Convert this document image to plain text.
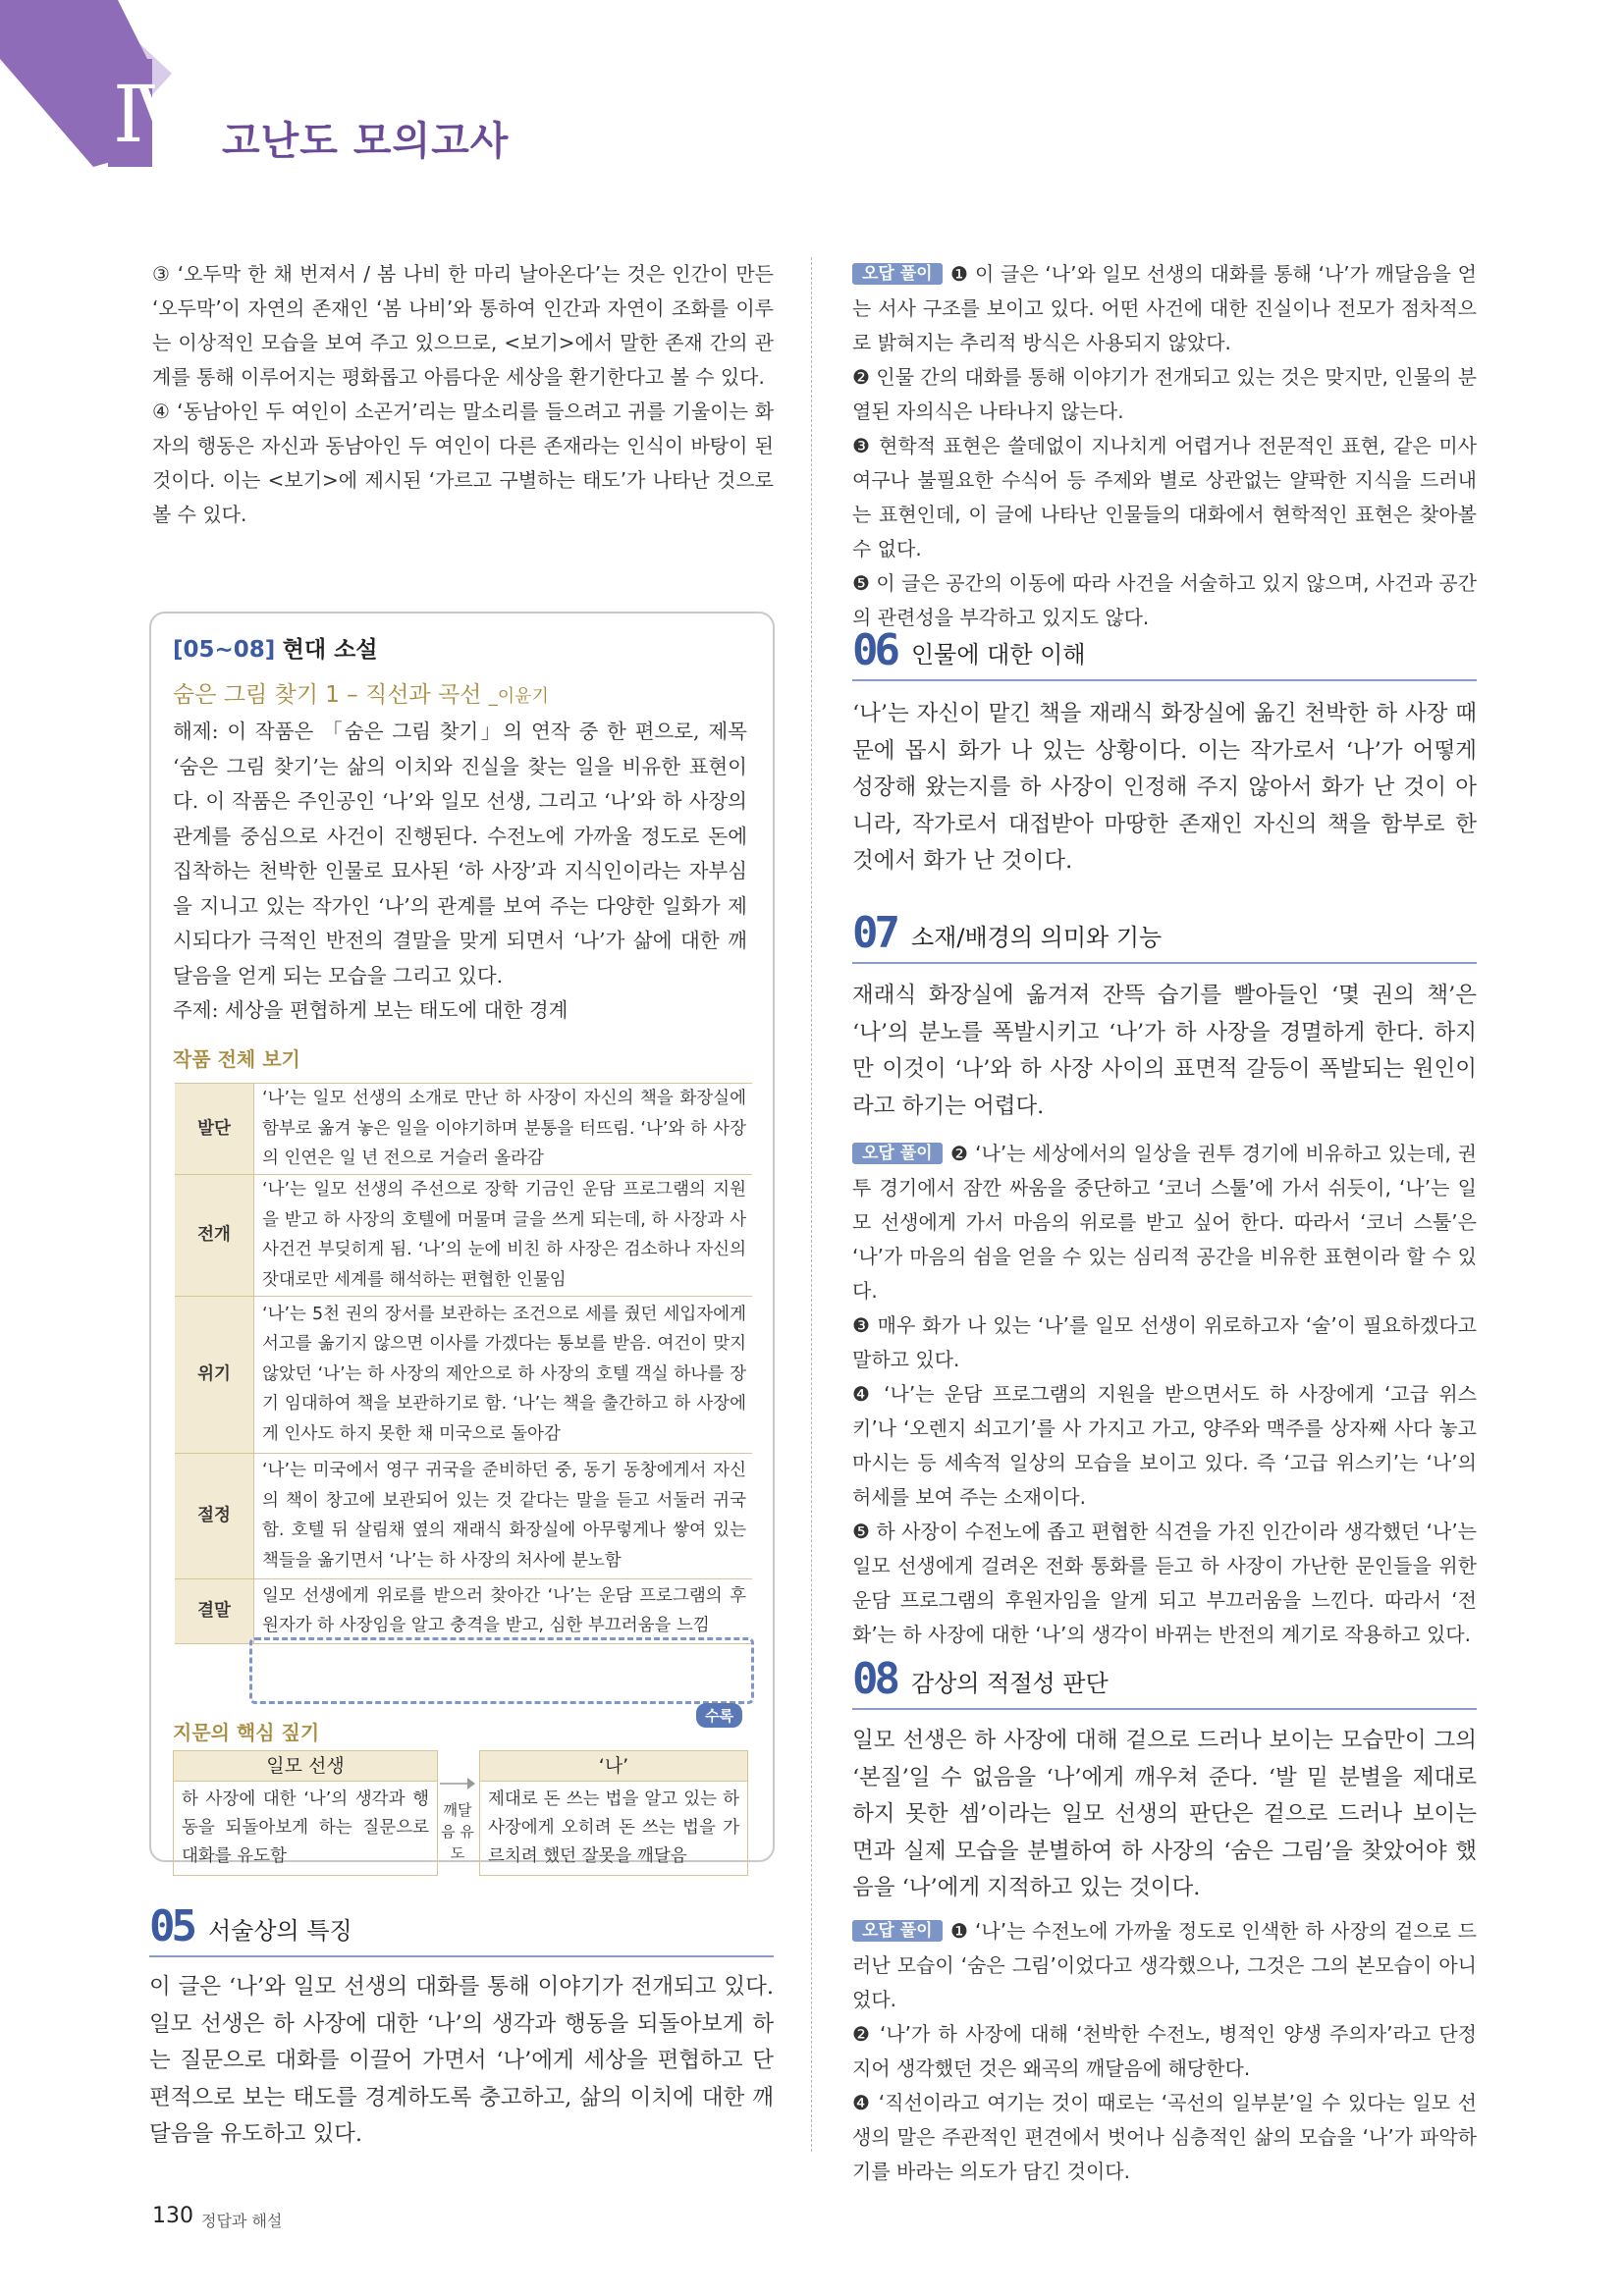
Ⅳ 고난도 모의고사
③ ‘오두막 한 채 번져서 / 봄 나비 한 마리 날아온다’는 것은 인간이 만든 ‘오두막’이 자연의 존재인 ‘봄 나비’와 통하여 인간과 자연이 조화를 이루는 이상적인 모습을 보여 주고 있으므로, <보기>에서 말한 존재 간의 관계를 통해 이루어지는 평화롭고 아름다운 세상을 환기한다고 볼 수 있다.
④ ‘동남아인 두 여인이 소곤거’리는 말소리를 들으려고 귀를 기울이는 화자의 행동은 자신과 동남아인 두 여인이 다른 존재라는 인식이 바탕이 된 것이다. 이는 <보기>에 제시된 ‘가르고 구별하는 태도’가 나타난 것으로 볼 수 있다.
[05~08] 현대 소설
숨은 그림 찾기 1 – 직선과 곡선 _이윤기
해제: 이 작품은 「숨은 그림 찾기」의 연작 중 한 편으로, 제목 ‘숨은 그림 찾기’는 삶의 이치와 진실을 찾는 일을 비유한 표현이다. 이 작품은 주인공인 ‘나’와 일모 선생, 그리고 ‘나’와 하 사장의 관계를 중심으로 사건이 진행된다. 수전노에 가까울 정도로 돈에 집착하는 천박한 인물로 묘사된 ‘하 사장’과 지식인이라는 자부심을 지니고 있는 작가인 ‘나’의 관계를 보여 주는 다양한 일화가 제시되다가 극적인 반전의 결말을 맞게 되면서 ‘나’가 삶에 대한 깨달음을 얻게 되는 모습을 그리고 있다.
주제: 세상을 편협하게 보는 태도에 대한 경계
작품 전체 보기
발단	‘나’는 일모 선생의 소개로 만난 하 사장이 자신의 책을 화장실에 함부로 옮겨 놓은 일을 이야기하며 분통을 터뜨림. ‘나’와 하 사장의 인연은 일 년 전으로 거슬러 올라감
전개	‘나’는 일모 선생의 주선으로 장학 기금인 운담 프로그램의 지원을 받고 하 사장의 호텔에 머물며 글을 쓰게 되는데, 하 사장과 사사건건 부딪히게 됨. ‘나’의 눈에 비친 하 사장은 검소하나 자신의 잣대로만 세계를 해석하는 편협한 인물임
위기	‘나’는 5천 권의 장서를 보관하는 조건으로 세를 줬던 세입자에게 서고를 옮기지 않으면 이사를 가겠다는 통보를 받음. 여건이 맞지 않았던 ‘나’는 하 사장의 제안으로 하 사장의 호텔 객실 하나를 장기 임대하여 책을 보관하기로 함. ‘나’는 책을 출간하고 하 사장에게 인사도 하지 못한 채 미국으로 돌아감
절정	‘나’는 미국에서 영구 귀국을 준비하던 중, 동기 동창에게서 자신의 책이 창고에 보관되어 있는 것 같다는 말을 듣고 서둘러 귀국함. 호텔 뒤 살림채 옆의 재래식 화장실에 아무렇게나 쌓여 있는 책들을 옮기면서 ‘나’는 하 사장의 처사에 분노함
결말	일모 선생에게 위로를 받으러 찾아간 ‘나’는 운담 프로그램의 후원자가 하 사장임을 알고 충격을 받고, 심한 부끄러움을 느낌
수록
지문의 핵심 짚기
일모 선생
하 사장에 대한 ‘나’의 생각과 행동을 되돌아보게 하는 질문으로 대화를 유도함
깨달음 유도
‘나’
제대로 돈 쓰는 법을 알고 있는 하 사장에게 오히려 돈 쓰는 법을 가르치려 했던 잘못을 깨달음
05 서술상의 특징
이 글은 ‘나’와 일모 선생의 대화를 통해 이야기가 전개되고 있다. 일모 선생은 하 사장에 대한 ‘나’의 생각과 행동을 되돌아보게 하는 질문으로 대화를 이끌어 가면서 ‘나’에게 세상을 편협하고 단편적으로 보는 태도를 경계하도록 충고하고, 삶의 이치에 대한 깨달음을 유도하고 있다.
오답 풀이 ❶ 이 글은 ‘나’와 일모 선생의 대화를 통해 ‘나’가 깨달음을 얻는 서사 구조를 보이고 있다. 어떤 사건에 대한 진실이나 전모가 점차적으로 밝혀지는 추리적 방식은 사용되지 않았다.
❷ 인물 간의 대화를 통해 이야기가 전개되고 있는 것은 맞지만, 인물의 분열된 자의식은 나타나지 않는다.
❸ 현학적 표현은 쓸데없이 지나치게 어렵거나 전문적인 표현, 같은 미사여구나 불필요한 수식어 등 주제와 별로 상관없는 얄팍한 지식을 드러내는 표현인데, 이 글에 나타난 인물들의 대화에서 현학적인 표현은 찾아볼 수 없다.
❺ 이 글은 공간의 이동에 따라 사건을 서술하고 있지 않으며, 사건과 공간의 관련성을 부각하고 있지도 않다.
06 인물에 대한 이해
‘나’는 자신이 맡긴 책을 재래식 화장실에 옮긴 천박한 하 사장 때문에 몹시 화가 나 있는 상황이다. 이는 작가로서 ‘나’가 어떻게 성장해 왔는지를 하 사장이 인정해 주지 않아서 화가 난 것이 아니라, 작가로서 대접받아 마땅한 존재인 자신의 책을 함부로 한 것에서 화가 난 것이다.
07 소재/배경의 의미와 기능
재래식 화장실에 옮겨져 잔뜩 습기를 빨아들인 ‘몇 권의 책’은 ‘나’의 분노를 폭발시키고 ‘나’가 하 사장을 경멸하게 한다. 하지만 이것이 ‘나’와 하 사장 사이의 표면적 갈등이 폭발되는 원인이라고 하기는 어렵다.
오답 풀이 ❷ ‘나’는 세상에서의 일상을 권투 경기에 비유하고 있는데, 권투 경기에서 잠깐 싸움을 중단하고 ‘코너 스툴’에 가서 쉬듯이, ‘나’는 일모 선생에게 가서 마음의 위로를 받고 싶어 한다. 따라서 ‘코너 스툴’은 ‘나’가 마음의 쉼을 얻을 수 있는 심리적 공간을 비유한 표현이라 할 수 있다.
❸ 매우 화가 나 있는 ‘나’를 일모 선생이 위로하고자 ‘술’이 필요하겠다고 말하고 있다.
❹ ‘나’는 운담 프로그램의 지원을 받으면서도 하 사장에게 ‘고급 위스키’나 ‘오렌지 쇠고기’를 사 가지고 가고, 양주와 맥주를 상자째 사다 놓고 마시는 등 세속적 일상의 모습을 보이고 있다. 즉 ‘고급 위스키’는 ‘나’의 허세를 보여 주는 소재이다.
❺ 하 사장이 수전노에 좁고 편협한 식견을 가진 인간이라 생각했던 ‘나’는 일모 선생에게 걸려온 전화 통화를 듣고 하 사장이 가난한 문인들을 위한 운담 프로그램의 후원자임을 알게 되고 부끄러움을 느낀다. 따라서 ‘전화’는 하 사장에 대한 ‘나’의 생각이 바뀌는 반전의 계기로 작용하고 있다.
08 감상의 적절성 판단
일모 선생은 하 사장에 대해 겉으로 드러나 보이는 모습만이 그의 ‘본질’일 수 없음을 ‘나’에게 깨우쳐 준다. ‘발 밑 분별을 제대로 하지 못한 셈’이라는 일모 선생의 판단은 겉으로 드러나 보이는 면과 실제 모습을 분별하여 하 사장의 ‘숨은 그림’을 찾았어야 했음을 ‘나’에게 지적하고 있는 것이다.
오답 풀이 ❶ ‘나’는 수전노에 가까울 정도로 인색한 하 사장의 겉으로 드러난 모습이 ‘숨은 그림’이었다고 생각했으나, 그것은 그의 본모습이 아니었다.
❷ ‘나’가 하 사장에 대해 ‘천박한 수전노, 병적인 양생 주의자’라고 단정 지어 생각했던 것은 왜곡의 깨달음에 해당한다.
❹ ‘직선이라고 여기는 것이 때로는 ‘곡선의 일부분’일 수 있다는 일모 선생의 말은 주관적인 편견에서 벗어나 심층적인 삶의 모습을 ‘나’가 파악하기를 바라는 의도가 담긴 것이다.
130 정답과 해설
